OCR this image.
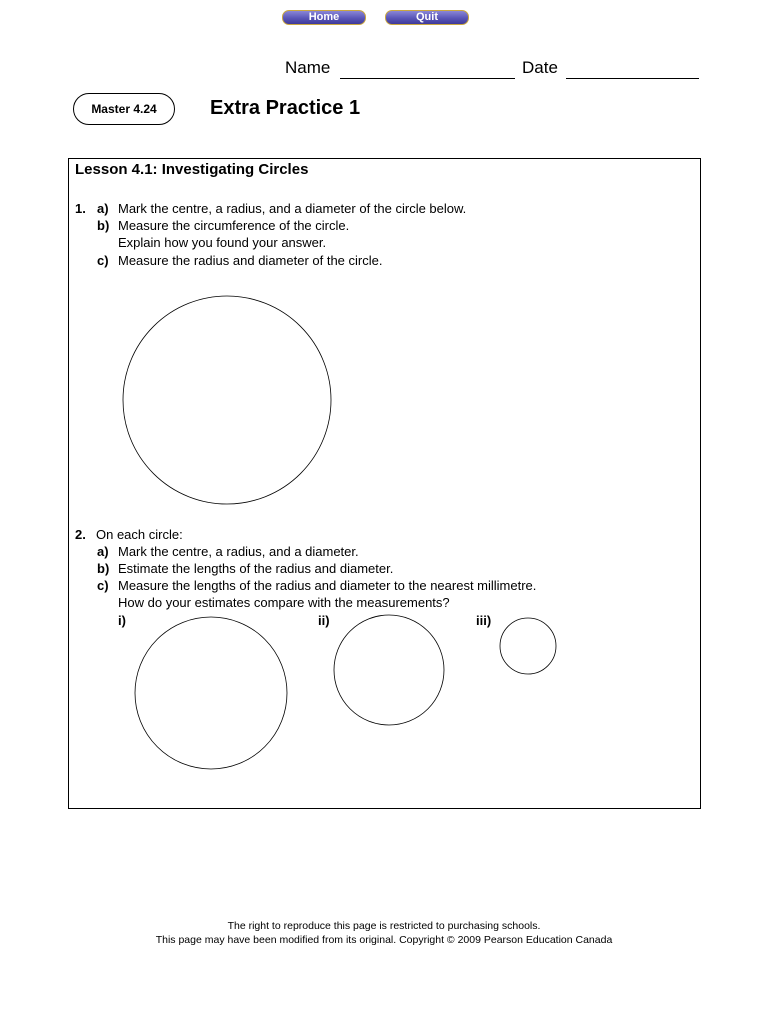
Home	Quit
Name	Date
Master 4.24	Extra Practice 1
Lesson 4.1: Investigating Circles
1. a) Mark the centre, a radius, and a diameter of the circle below.
b) Measure the circumference of the circle.
Explain how you found your answer.
c) Measure the radius and diameter of the circle.
2. On each circle:
a) Mark the centre, a radius, and a diameter.
b) Estimate the lengths of the radius and diameter.
c) Measure the lengths of the radius and diameter to the nearest millimetre.
How do your estimates compare with the measurements?
i)	ii)	iii)
The right to reproduce this page is restricted to purchasing schools.
This page may have been modified from its original. Copyright © 2009 Pearson Education Canada
